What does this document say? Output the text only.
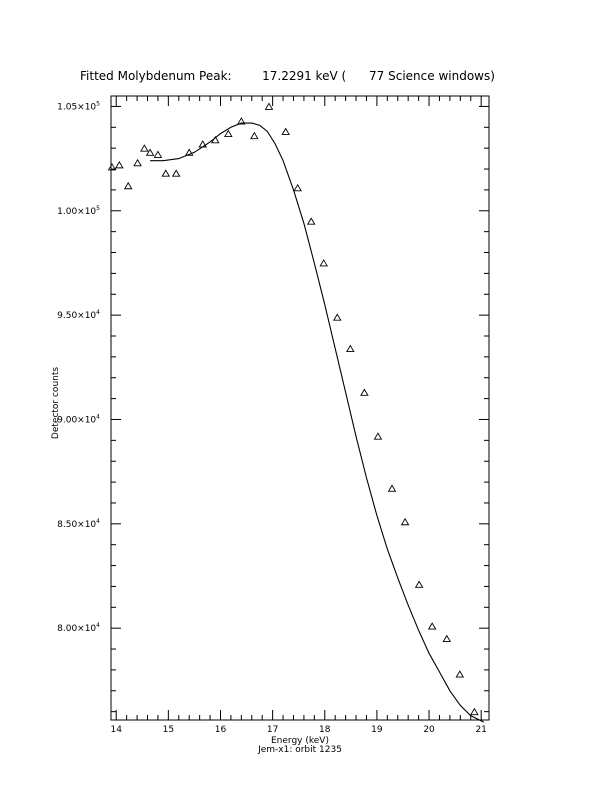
Fitted Molybdenum Peak:        17.2291 keV (      77 Science windows)
Detector counts
Energy (keV)
Jem-x1: orbit 1235
14	15	16	17	18	19	20	21
$8.00\times 10^4$
$8.50\times 10^4$
$9.00\times 10^4$
$9.50\times 10^4$
$1.00\times 10^5$
$1.05\times 10^5$
